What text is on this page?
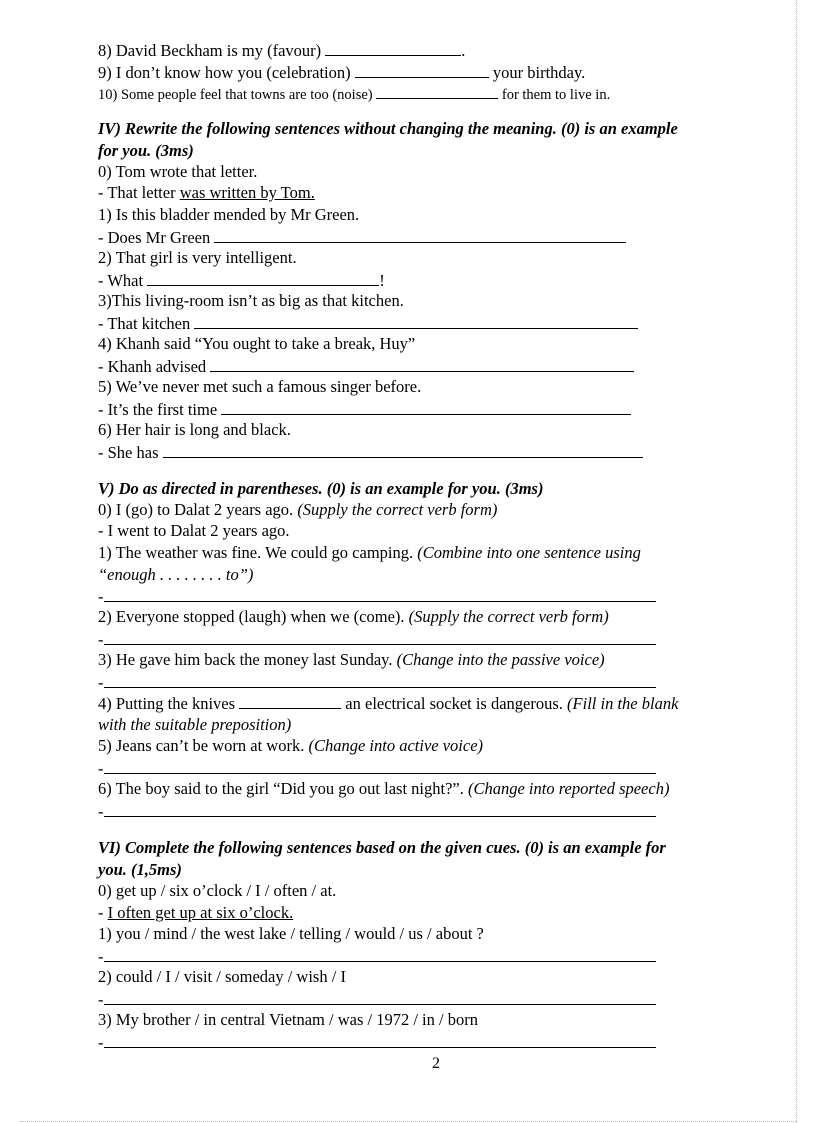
8) David Beckham is my (favour)	.
9) I don’t know how you (celebration)	your birthday.
10) Some people feel that towns are too (noise)	for them to live in.
IV) Rewrite the following sentences without changing the meaning. (0) is an example
for you. (3ms)
0) Tom wrote that letter.
- That letter was written by Tom.
1) Is this bladder mended by Mr Green.
- Does Mr Green
2) That girl is very intelligent.
- What	!
3)This living-room isn’t as big as that kitchen.
- That kitchen
4) Khanh said “You ought to take a break, Huy”
- Khanh advised
5) We’ve never met such a famous singer before.
- It’s the first time
6) Her hair is long and black.
- She has
V) Do as directed in parentheses. (0) is an example for you. (3ms)
0) I (go) to Dalat 2 years ago. (Supply the correct verb form)
- I went to Dalat 2 years ago.
1) The weather was fine. We could go camping. (Combine into one sentence using
“enough . . . . . . . . to”)
-
2) Everyone stopped (laugh) when we (come). (Supply the correct verb form)
-
3) He gave him back the money last Sunday. (Change into the passive voice)
-
4) Putting the knives	an electrical socket is dangerous. (Fill in the blank
with the suitable preposition)
5) Jeans can’t be worn at work. (Change into active voice)
-
6) The boy said to the girl “Did you go out last night?”. (Change into reported speech)
-
VI) Complete the following sentences based on the given cues. (0) is an example for
you. (1,5ms)
0) get up / six o’clock / I / often / at.
- I often get up at six o’clock.
1) you / mind / the west lake / telling / would / us / about ?
-
2) could / I / visit / someday / wish / I
-
3) My brother / in central Vietnam / was / 1972 / in / born
-
2
